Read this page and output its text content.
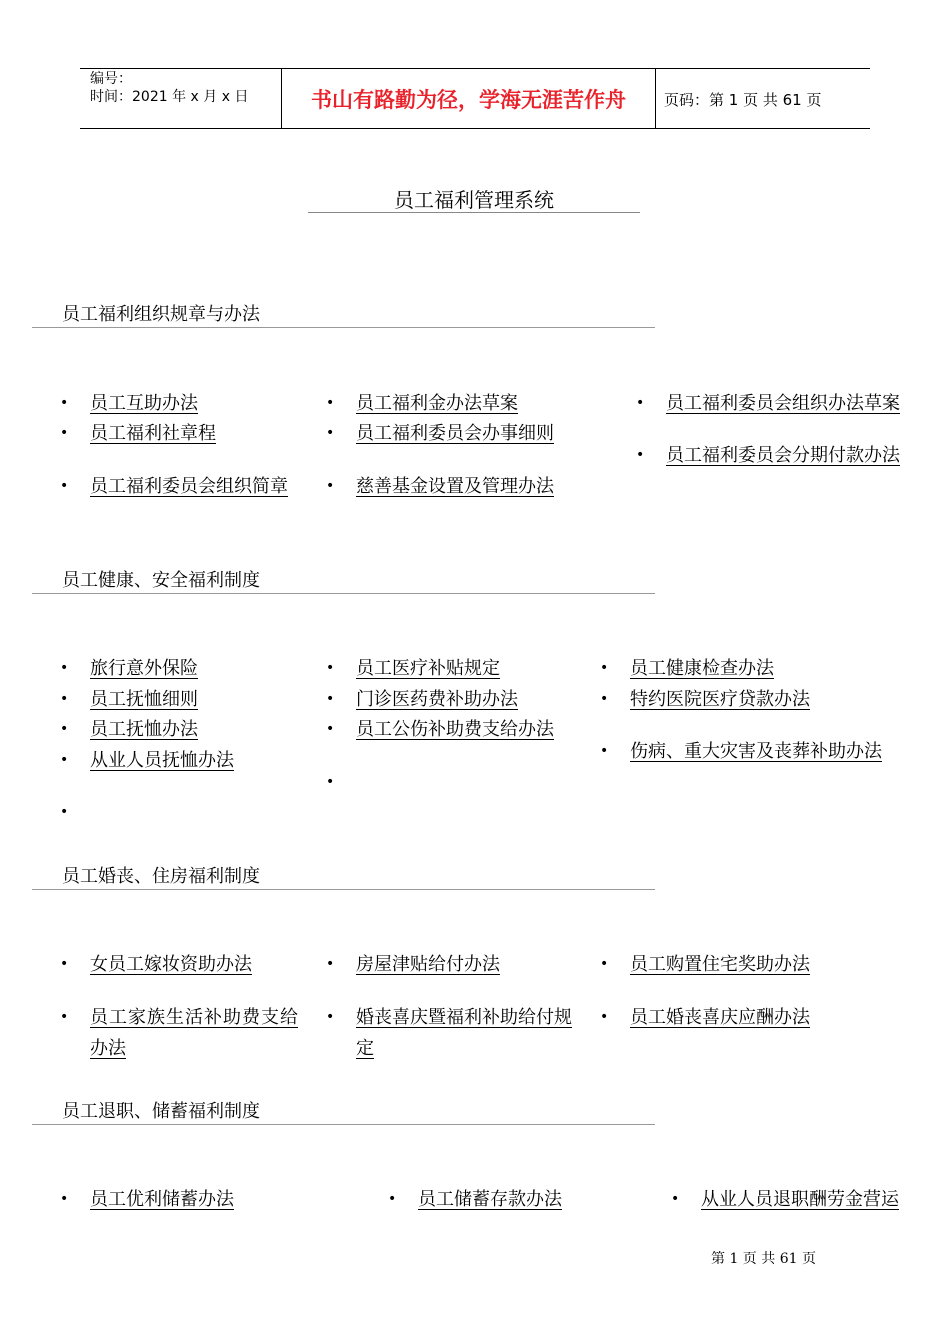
编号：
时间：2021 年 x 月 x 日	书山有路勤为径，学海无涯苦作舟	页码：第 1 页 共 61 页
员工福利管理系统
员工福利组织规章与办法
• 员工互助办法
• 员工福利社章程
• 员工福利委员会组织简章
• 员工福利金办法草案
• 员工福利委员会办事细则
• 慈善基金设置及管理办法
• 员工福利委员会组织办法草案
• 员工福利委员会分期付款办法
员工健康、安全福利制度
• 旅行意外保险
• 员工抚恤细则
• 员工抚恤办法
• 从业人员抚恤办法
•
• 员工医疗补贴规定
• 门诊医药费补助办法
• 员工公伤补助费支给办法
•
• 员工健康检查办法
• 特约医院医疗贷款办法
• 伤病、重大灾害及丧葬补助办法
员工婚丧、住房福利制度
• 女员工嫁妆资助办法
• 员工家族生活补助费支给办法
• 房屋津贴给付办法
• 婚丧喜庆暨福利补助给付规定
• 员工购置住宅奖助办法
• 员工婚丧喜庆应酬办法
员工退职、储蓄福利制度
• 员工优利储蓄办法	• 员工储蓄存款办法	• 从业人员退职酬劳金营运
第 1 页 共 61 页
